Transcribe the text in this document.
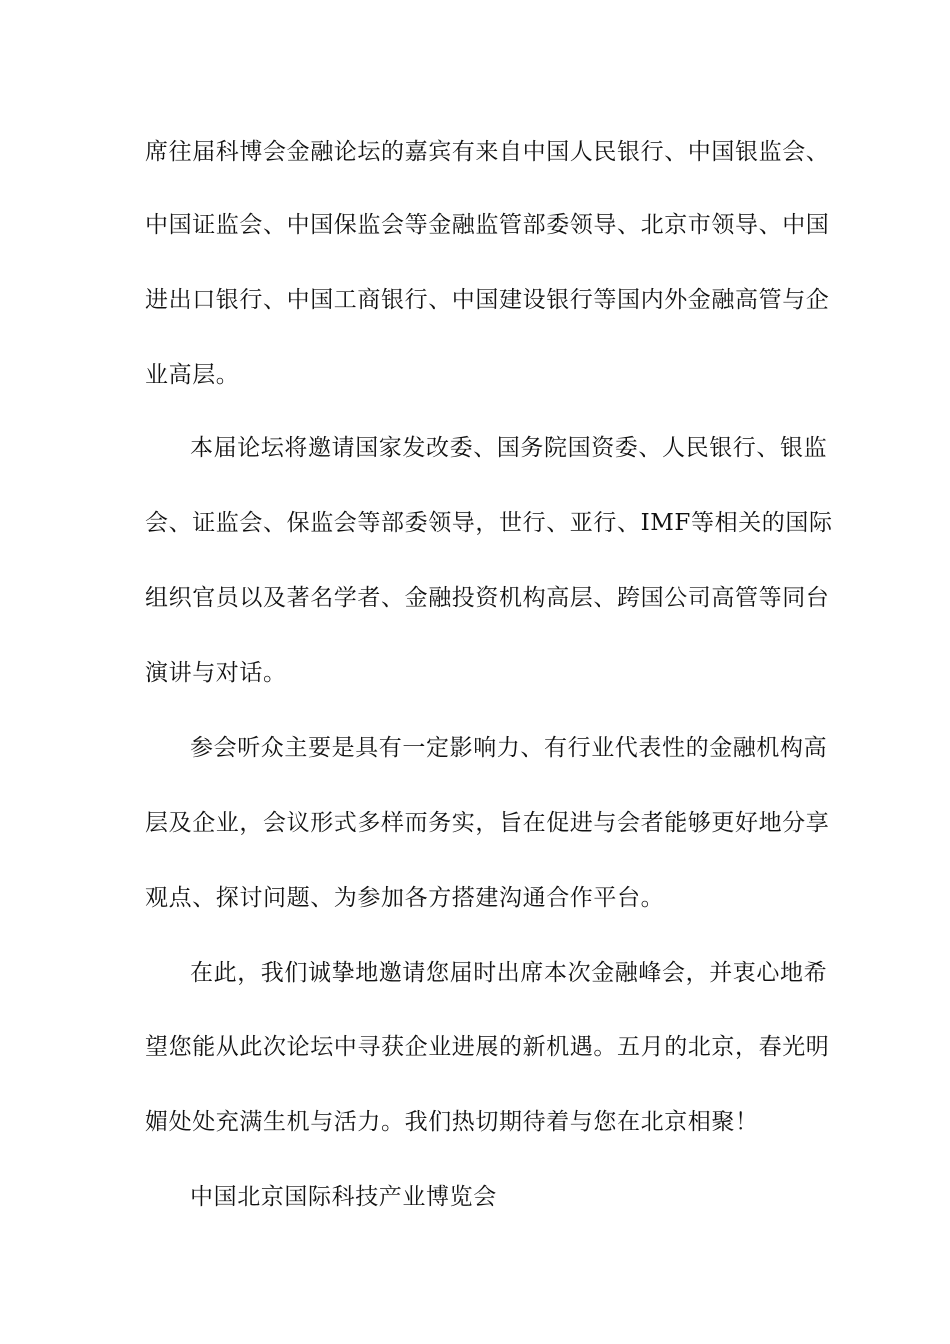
席往届科博会金融论坛的嘉宾有来自中国人民银行、中国银监会、

中国证监会、中国保监会等金融监管部委领导、北京市领导、中国

进出口银行、中国工商银行、中国建设银行等国内外金融高管与企

业高层。

本届论坛将邀请国家发改委、国务院国资委、人民银行、银监

会、证监会、保监会等部委领导，世行、亚行、IMF等相关的国际

组织官员以及著名学者、金融投资机构高层、跨国公司高管等同台

演讲与对话。

参会听众主要是具有一定影响力、有行业代表性的金融机构高

层及企业，会议形式多样而务实，旨在促进与会者能够更好地分享

观点、探讨问题、为参加各方搭建沟通合作平台。

在此，我们诚挚地邀请您届时出席本次金融峰会，并衷心地希

望您能从此次论坛中寻获企业进展的新机遇。五月的北京，春光明

媚处处充满生机与活力。我们热切期待着与您在北京相聚！

中国北京国际科技产业博览会
